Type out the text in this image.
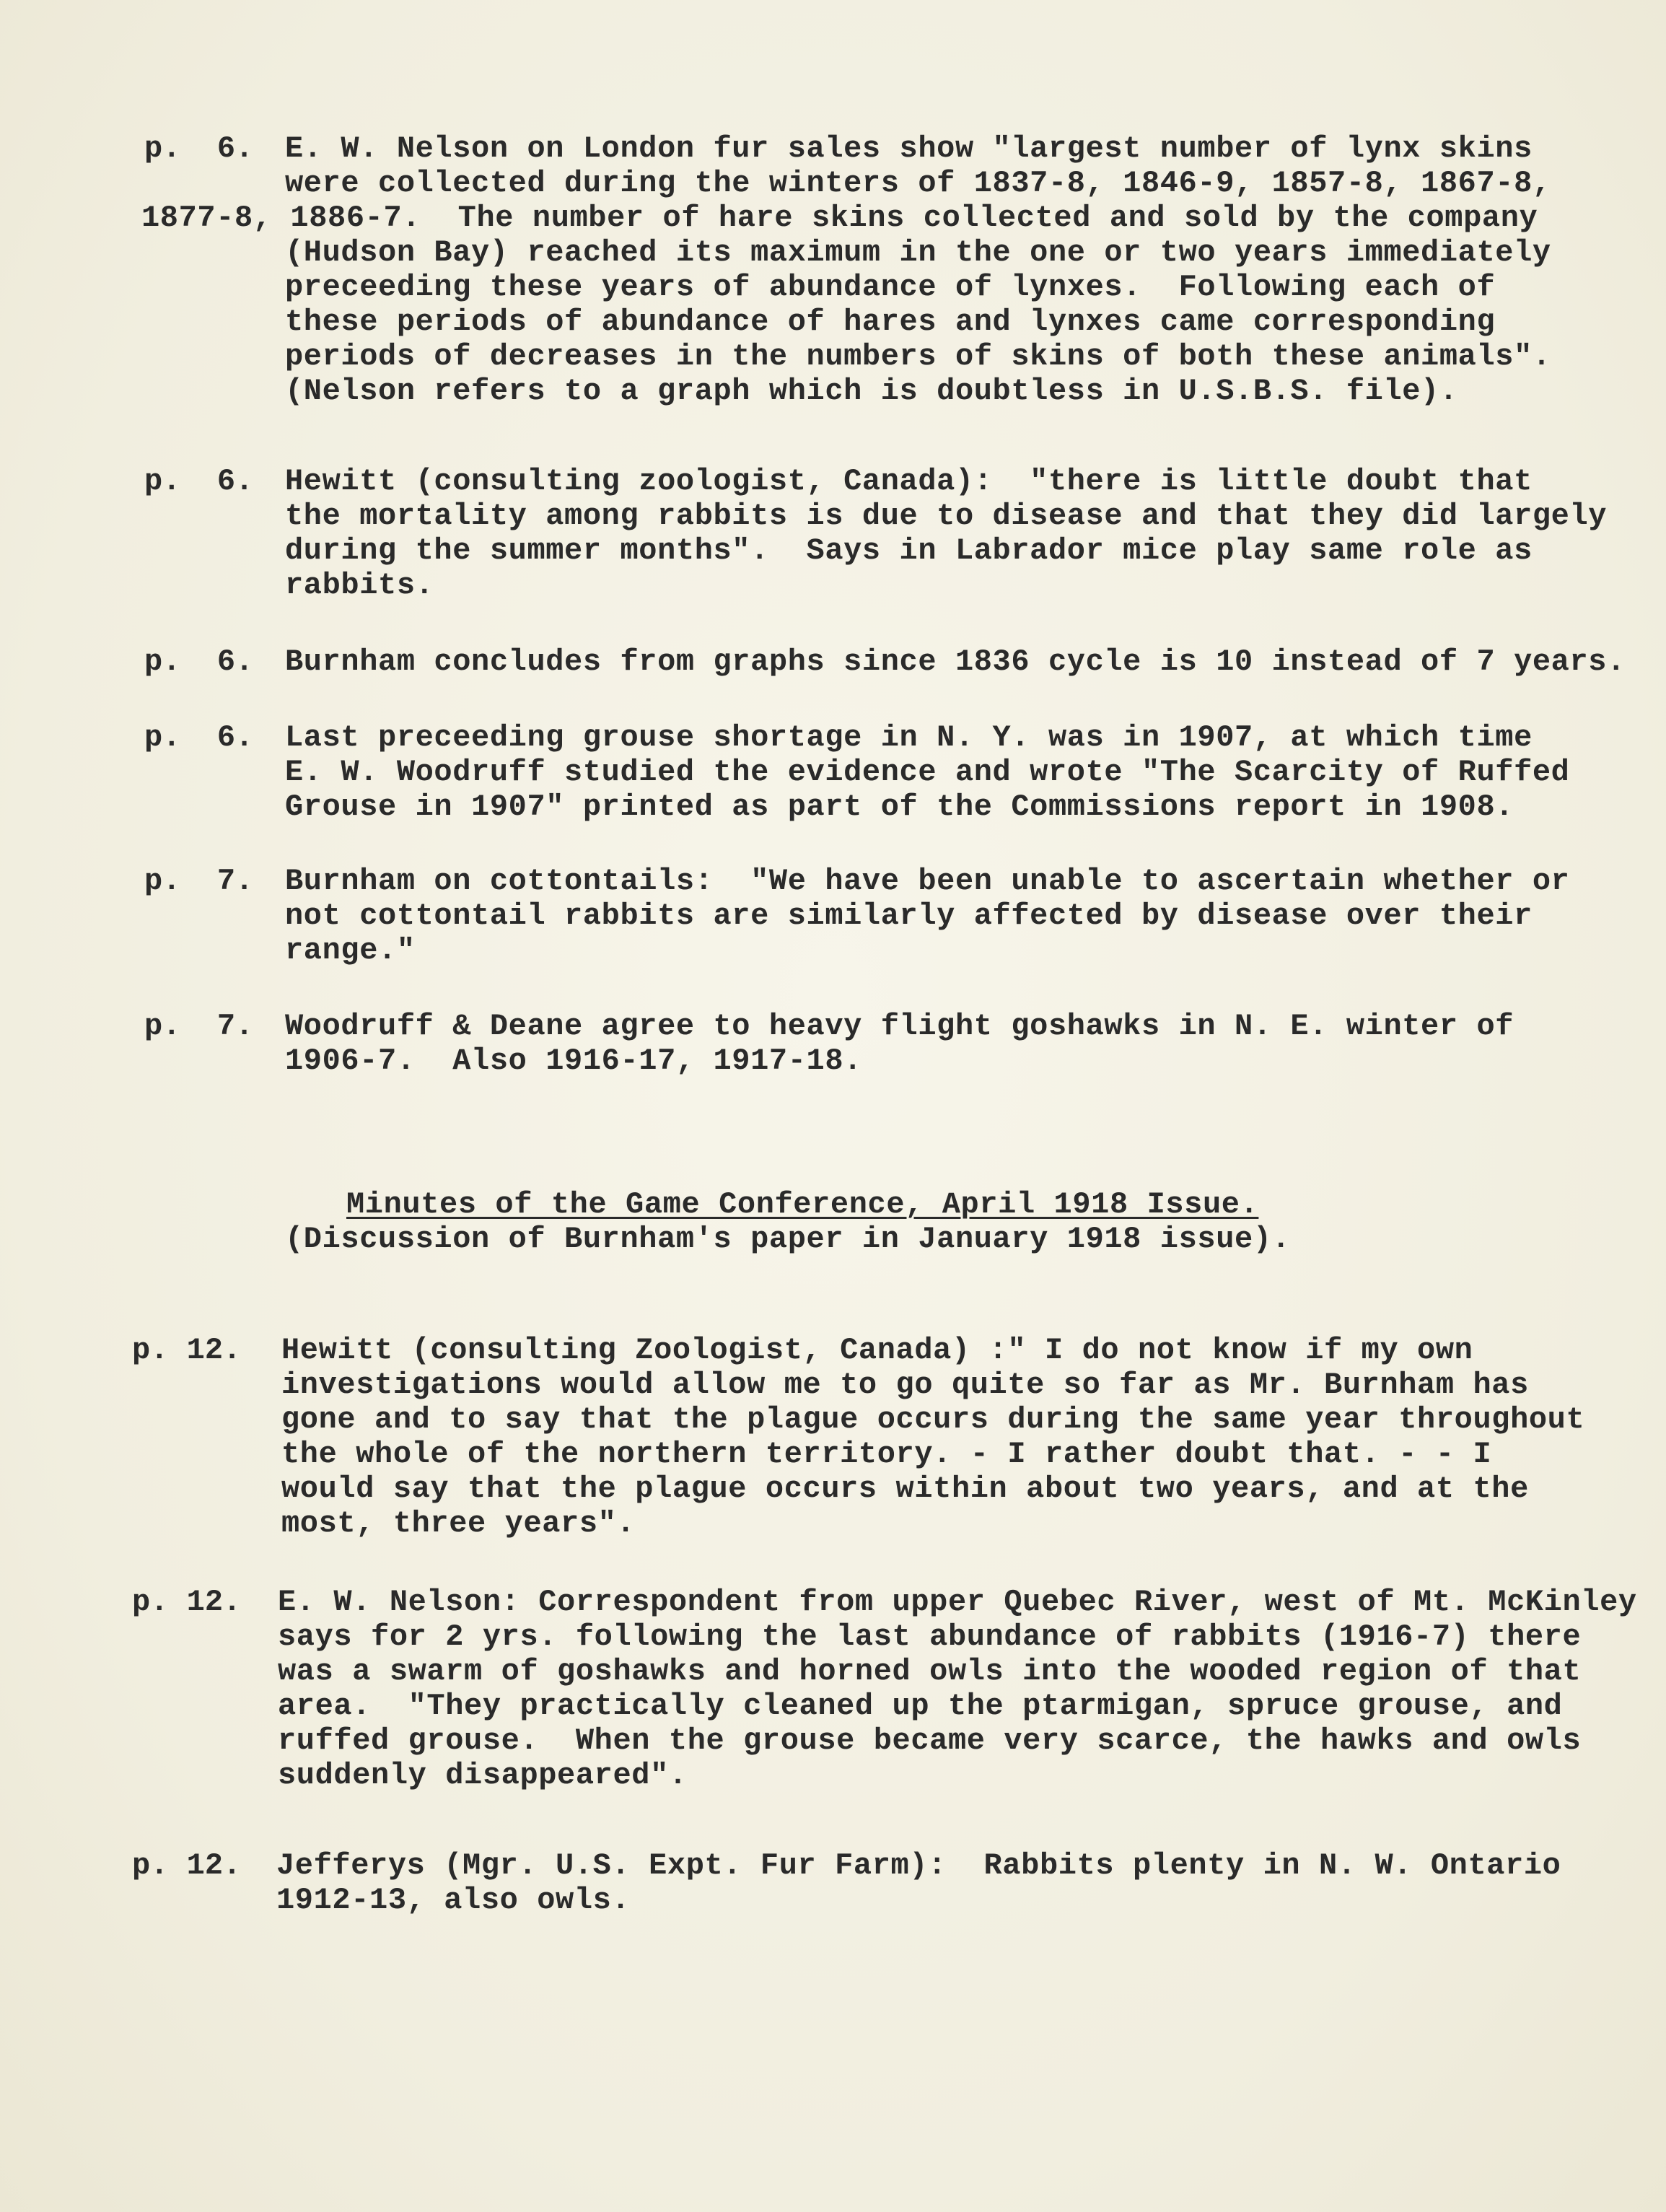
p.  6. E. W. Nelson on London fur sales show "largest number of lynx skins
were collected during the winters of 1837-8, 1846-9, 1857-8, 1867-8,
1877-8, 1886-7.  The number of hare skins collected and sold by the company
(Hudson Bay) reached its maximum in the one or two years immediately
preceeding these years of abundance of lynxes.  Following each of
these periods of abundance of hares and lynxes came corresponding
periods of decreases in the numbers of skins of both these animals".
(Nelson refers to a graph which is doubtless in U.S.B.S. file).
p.  6. Hewitt (consulting zoologist, Canada):  "there is little doubt that
the mortality among rabbits is due to disease and that they did largely
during the summer months".  Says in Labrador mice play same role as
rabbits.
p.  6. Burnham concludes from graphs since 1836 cycle is 10 instead of 7 years.
p.  6. Last preceeding grouse shortage in N. Y. was in 1907, at which time
E. W. Woodruff studied the evidence and wrote "The Scarcity of Ruffed
Grouse in 1907" printed as part of the Commissions report in 1908.
p.  7. Burnham on cottontails:  "We have been unable to ascertain whether or
not cottontail rabbits are similarly affected by disease over their
range."
p.  7. Woodruff & Deane agree to heavy flight goshawks in N. E. winter of
1906-7.  Also 1916-17, 1917-18.
Minutes of the Game Conference, April 1918 Issue.
(Discussion of Burnham's paper in January 1918 issue).
p. 12. Hewitt (consulting Zoologist, Canada) :" I do not know if my own
investigations would allow me to go quite so far as Mr. Burnham has
gone and to say that the plague occurs during the same year throughout
the whole of the northern territory. - I rather doubt that. - - I
would say that the plague occurs within about two years, and at the
most, three years".
p. 12. E. W. Nelson: Correspondent from upper Quebec River, west of Mt. McKinley
says for 2 yrs. following the last abundance of rabbits (1916-7) there
was a swarm of goshawks and horned owls into the wooded region of that
area.  "They practically cleaned up the ptarmigan, spruce grouse, and
ruffed grouse.  When the grouse became very scarce, the hawks and owls
suddenly disappeared".
p. 12. Jefferys (Mgr. U.S. Expt. Fur Farm):  Rabbits plenty in N. W. Ontario
1912-13, also owls.
